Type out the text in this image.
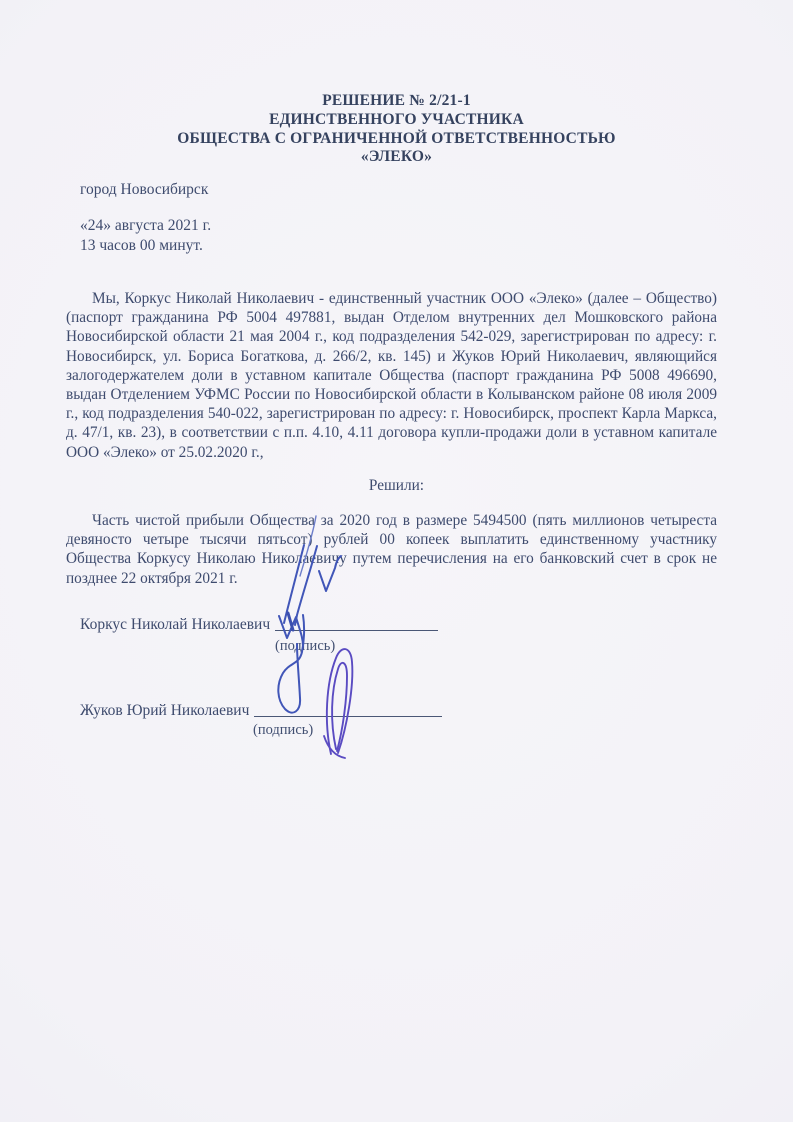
РЕШЕНИЕ № 2/21-1
ЕДИНСТВЕННОГО УЧАСТНИКА
ОБЩЕСТВА С ОГРАНИЧЕННОЙ ОТВЕТСТВЕННОСТЬЮ
«ЭЛЕКО»
город Новосибирск
«24» августа 2021 г.
13 часов 00 минут.

Мы, Коркус Николай Николаевич - единственный участник ООО «Элеко» (далее – Общество) (паспорт гражданина РФ 5004 497881, выдан Отделом внутренних дел Мошковского района Новосибирской области 21 мая 2004 г., код подразделения 542-029, зарегистрирован по адресу: г. Новосибирск, ул. Бориса Богаткова, д. 266/2, кв. 145) и Жуков Юрий Николаевич, являющийся залогодержателем доли в уставном капитале Общества (паспорт гражданина РФ 5008 496690, выдан Отделением УФМС России по Новосибирской области в Колыванском районе 08 июля 2009 г., код подразделения 540-022, зарегистрирован по адресу: г. Новосибирск, проспект Карла Маркса, д. 47/1, кв. 23), в соответствии с п.п. 4.10, 4.11 договора купли-продажи доли в уставном капитале ООО «Элеко» от 25.02.2020 г.,

Решили:

Часть чистой прибыли Общества за 2020 год в размере 5494500 (пять миллионов четыреста девяносто четыре тысячи пятьсот) рублей 00 копеек выплатить единственному участнику Общества Коркусу Николаю Николаевичу путем перечисления на его банковский счет в срок не позднее 22 октября 2021 г.

Коркус Николай Николаевич
(подпись)
Жуков Юрий Николаевич
(подпись)
